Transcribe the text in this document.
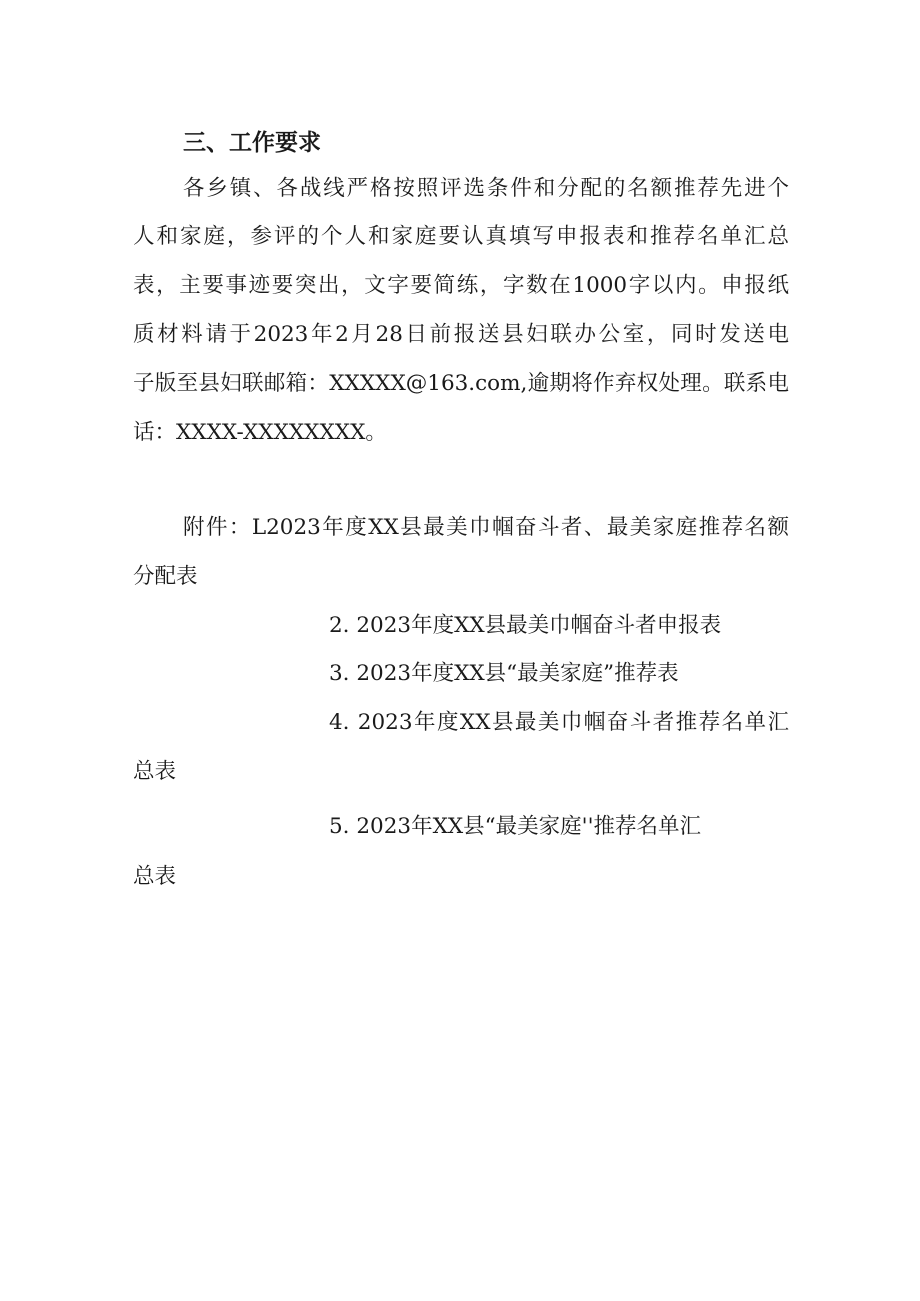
三、工作要求
各乡镇、各战线严格按照评选条件和分配的名额推荐先进个
人和家庭，参评的个人和家庭要认真填写申报表和推荐名单汇总
表，主要事迹要突出，文字要简练，字数在1000字以内。申报纸
质材料请于2023年2月28日前报送县妇联办公室，同时发送电
子版至县妇联邮箱：XXXXX@163.com,逾期将作弃权处理。联系电
话：XXXX-XXXXXXXX。
附件：L2023年度XX县最美巾帼奋斗者、最美家庭推荐名额
分配表
2. 2023年度XX县最美巾帼奋斗者申报表
3. 2023年度XX县“最美家庭”推荐表
4. 2023年度XX县最美巾帼奋斗者推荐名单汇
总表
5. 2023年XX县“最美家庭''推荐名单汇
总表
